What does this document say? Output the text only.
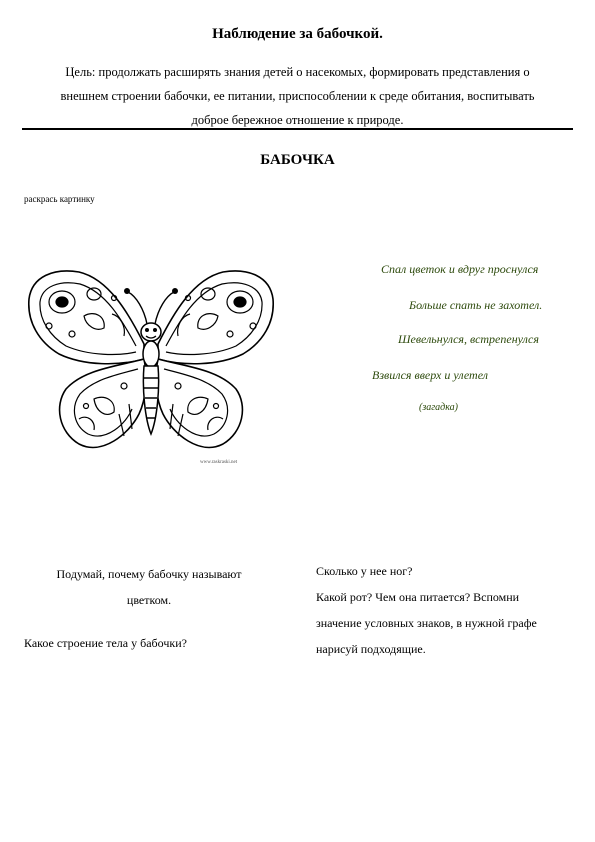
Наблюдение за бабочкой.
Цель: продолжать расширять знания детей о насекомых, формировать представления о
внешнем строении бабочки, ее питании, приспособлении к среде обитания, воспитывать
доброе бережное отношение к природе.
БАБОЧКА
раскрась картинку
www.raskraski.net
Спал цветок и вдруг проснулся
Больше спать не захотел.
Шевельнулся, встрепенулся
Взвился вверх и улетел
(загадка)
Подумай, почему бабочку называют
цветком.
Какое строение тела у бабочки?
Сколько у нее ног?
Какой рот? Чем она питается? Вспомни
значение условных знаков, в нужной графе
нарисуй подходящие.
